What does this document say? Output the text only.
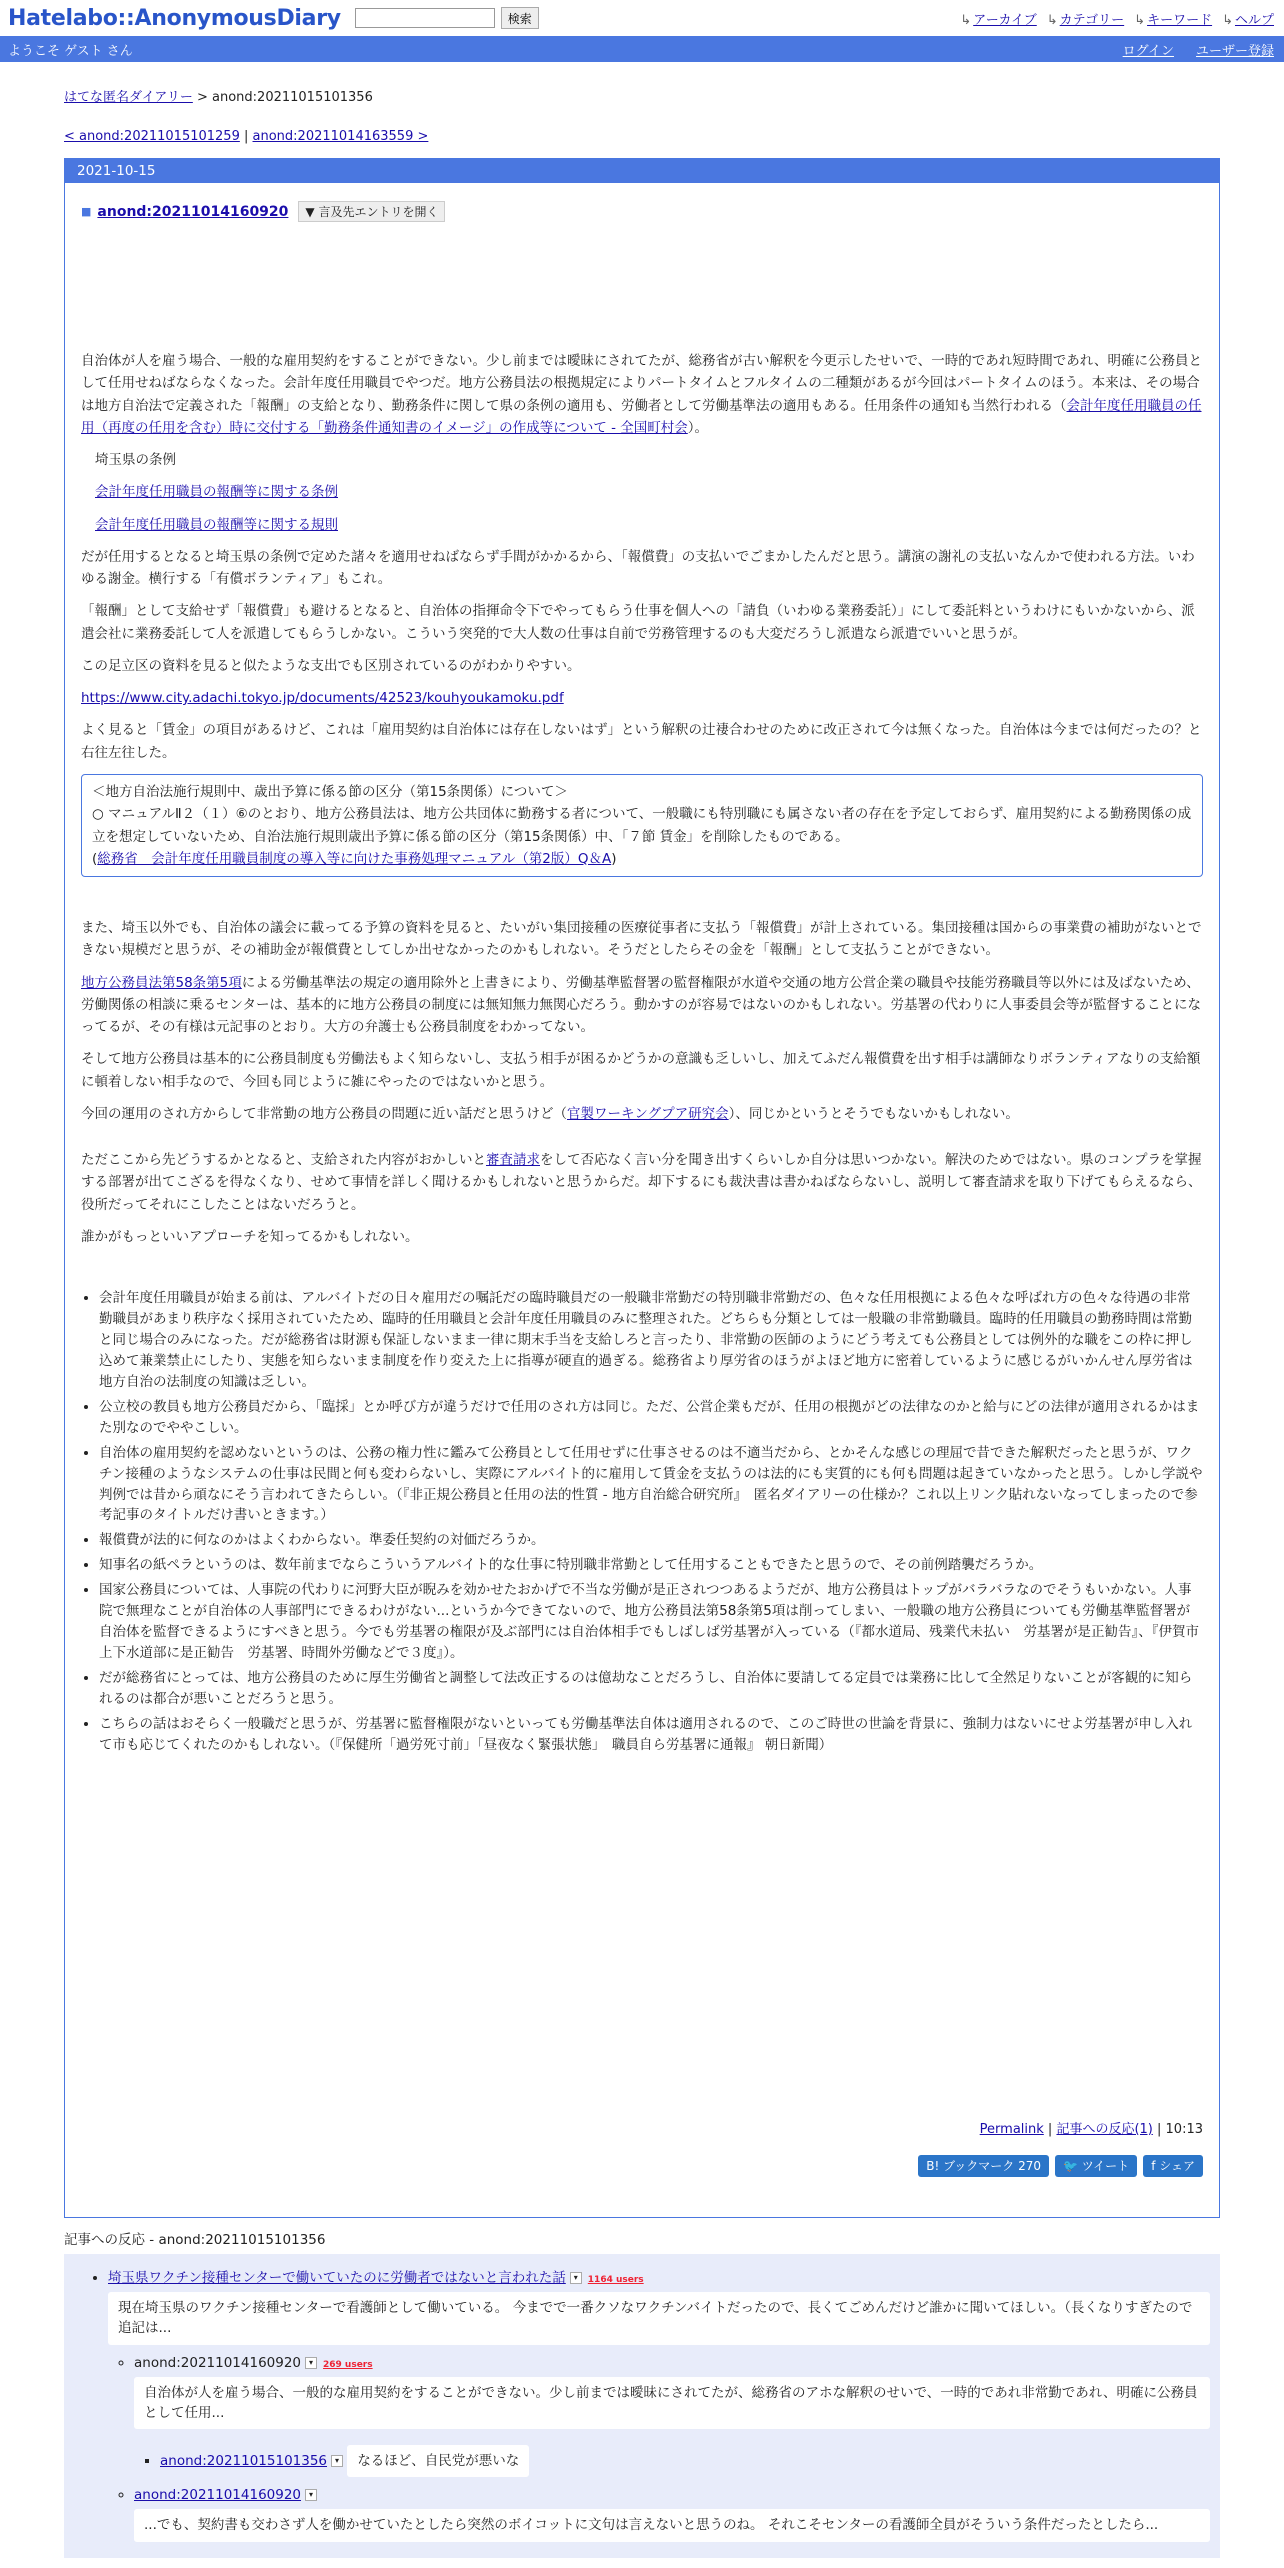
Hatelabo::AnonymousDiary	検索	↳ アーカイブ ↳ カテゴリー ↳ キーワード ↳ ヘルプ
ようこそ ゲスト さん	ログイン ユーザー登録
はてな匿名ダイアリー > anond:20211015101356
< anond:20211015101259 | anond:20211014163559 >
2021-10-15
■ anond:20211014160920	▼ 言及先エントリを開く

自治体が人を雇う場合、一般的な雇用契約をすることができない。少し前までは曖昧にされてたが、総務省が古い解釈を今更示したせいで、一時的であれ短時間であれ、明確に公務員として任用せねばならなくなった。会計年度任用職員でやつだ。地方公務員法の根拠規定によりパートタイムとフルタイムの二種類があるが今回はパートタイムのほう。本来は、その場合は地方自治法で定義された「報酬」の支給となり、勤務条件に関して県の条例の適用も、労働者として労働基準法の適用もある。任用条件の通知も当然行われる（会計年度任用職員の任用（再度の任用を含む）時に交付する「勤務条件通知書のイメージ」の作成等について - 全国町村会）。

埼玉県の条例

会計年度任用職員の報酬等に関する条例

会計年度任用職員の報酬等に関する規則

だが任用するとなると埼玉県の条例で定めた諸々を適用せねばならず手間がかかるから、「報償費」の支払いでごまかしたんだと思う。講演の謝礼の支払いなんかで使われる方法。いわゆる謝金。横行する「有償ボランティア」もこれ。

「報酬」として支給せず「報償費」も避けるとなると、自治体の指揮命令下でやってもらう仕事を個人への「請負（いわゆる業務委託）」にして委託料というわけにもいかないから、派遣会社に業務委託して人を派遣してもらうしかない。こういう突発的で大人数の仕事は自前で労務管理するのも大変だろうし派遣なら派遣でいいと思うが。

この足立区の資料を見ると似たような支出でも区別されているのがわかりやすい。

https://www.city.adachi.tokyo.jp/documents/42523/kouhyoukamoku.pdf

よく見ると「賃金」の項目があるけど、これは「雇用契約は自治体には存在しないはず」という解釈の辻褄合わせのために改正されて今は無くなった。自治体は今までは何だったの？と右往左往した。

＜地方自治法施行規則中、歳出予算に係る節の区分（第15条関係）について＞
○ マニュアルⅡ２（１）⑥のとおり、地方公務員法は、地方公共団体に勤務する者について、一般職にも特別職にも属さない者の存在を予定しておらず、雇用契約による勤務関係の成立を想定していないため、自治法施行規則歳出予算に係る節の区分（第15条関係）中、「７節 賃金」を削除したものである。
(総務省　会計年度任用職員制度の導入等に向けた事務処理マニュアル（第2版）Q＆A)

また、埼玉以外でも、自治体の議会に載ってる予算の資料を見ると、たいがい集団接種の医療従事者に支払う「報償費」が計上されている。集団接種は国からの事業費の補助がないとできない規模だと思うが、その補助金が報償費としてしか出せなかったのかもしれない。そうだとしたらその金を「報酬」として支払うことができない。

地方公務員法第58条第5項による労働基準法の規定の適用除外と上書きにより、労働基準監督署の監督権限が水道や交通の地方公営企業の職員や技能労務職員等以外には及ばないため、労働関係の相談に乗るセンターは、基本的に地方公務員の制度には無知無力無関心だろう。動かすのが容易ではないのかもしれない。労基署の代わりに人事委員会等が監督することになってるが、その有様は元記事のとおり。大方の弁護士も公務員制度をわかってない。

そして地方公務員は基本的に公務員制度も労働法もよく知らないし、支払う相手が困るかどうかの意識も乏しいし、加えてふだん報償費を出す相手は講師なりボランティアなりの支給額に頓着しない相手なので、今回も同じように雑にやったのではないかと思う。

今回の運用のされ方からして非常勤の地方公務員の問題に近い話だと思うけど（官製ワーキングプア研究会）、同じかというとそうでもないかもしれない。

ただここから先どうするかとなると、支給された内容がおかしいと審査請求をして否応なく言い分を聞き出すくらいしか自分は思いつかない。解決のためではない。県のコンプラを掌握する部署が出てこざるを得なくなり、せめて事情を詳しく聞けるかもしれないと思うからだ。却下するにも裁決書は書かねばならないし、説明して審査請求を取り下げてもらえるなら、役所だってそれにこしたことはないだろうと。

誰かがもっといいアプローチを知ってるかもしれない。

• 会計年度任用職員が始まる前は、アルバイトだの日々雇用だの嘱託だの臨時職員だの一般職非常勤だの特別職非常勤だの、色々な任用根拠による色々な呼ばれ方の色々な待遇の非常勤職員があまり秩序なく採用されていたため、臨時的任用職員と会計年度任用職員のみに整理された。どちらも分類としては一般職の非常勤職員。臨時的任用職員の勤務時間は常勤と同じ場合のみになった。だが総務省は財源も保証しないまま一律に期末手当を支給しろと言ったり、非常勤の医師のようにどう考えても公務員としては例外的な職をこの枠に押し込めて兼業禁止にしたり、実態を知らないまま制度を作り変えた上に指導が硬直的過ぎる。総務省より厚労省のほうがよほど地方に密着しているように感じるがいかんせん厚労省は地方自治の法制度の知識は乏しい。
• 公立校の教員も地方公務員だから、「臨採」とか呼び方が違うだけで任用のされ方は同じ。ただ、公営企業もだが、任用の根拠がどの法律なのかと給与にどの法律が適用されるかはまた別なのでややこしい。
• 自治体の雇用契約を認めないというのは、公務の権力性に鑑みて公務員として任用せずに仕事させるのは不適当だから、とかそんな感じの理屈で昔できた解釈だったと思うが、ワクチン接種のようなシステムの仕事は民間と何も変わらないし、実際にアルバイト的に雇用して賃金を支払うのは法的にも実質的にも何も問題は起きていなかったと思う。しかし学説や判例では昔から頑なにそう言われてきたらしい。（『非正規公務員と任用の法的性質 - 地方自治総合研究所』　匿名ダイアリーの仕様か？これ以上リンク貼れないなってしまったので参考記事のタイトルだけ書いときます。）
• 報償費が法的に何なのかはよくわからない。準委任契約の対価だろうか。
• 知事名の紙ペラというのは、数年前までならこういうアルバイト的な仕事に特別職非常勤として任用することもできたと思うので、その前例踏襲だろうか。
• 国家公務員については、人事院の代わりに河野大臣が睨みを効かせたおかげで不当な労働が是正されつつあるようだが、地方公務員はトップがバラバラなのでそうもいかない。人事院で無理なことが自治体の人事部門にできるわけがない...というか今できてないので、地方公務員法第58条第5項は削ってしまい、一般職の地方公務員についても労働基準監督署が自治体を監督できるようにすべきと思う。今でも労基署の権限が及ぶ部門には自治体相手でもしばしば労基署が入っている（『都水道局、残業代未払い　労基署が是正勧告』、『伊賀市上下水道部に是正勧告　労基署、時間外労働などで３度』）。
• だが総務省にとっては、地方公務員のために厚生労働省と調整して法改正するのは億劫なことだろうし、自治体に要請してる定員では業務に比して全然足りないことが客観的に知られるのは都合が悪いことだろうと思う。
• こちらの話はおそらく一般職だと思うが、労基署に監督権限がないといっても労働基準法自体は適用されるので、このご時世の世論を背景に、強制力はないにせよ労基署が申し入れて市も応じてくれたのかもしれない。（『保健所「過労死寸前」「昼夜なく緊張状態」　職員自ら労基署に通報』 朝日新聞）
Permalink | 記事への反応(1) | 10:13
B! ブックマーク 270	🐦 ツイート	f シェア
記事への反応 - anond:20211015101356
• 埼玉県ワクチン接種センターで働いていたのに労働者ではないと言われた話 ▾ 1164 users
現在埼玉県のワクチン接種センターで看護師として働いている。 今までで一番クソなワクチンバイトだったので、長くてごめんだけど誰かに聞いてほしい。（長くなりすぎたので追記は...
◦ anond:20211014160920 ▾ 269 users
自治体が人を雇う場合、一般的な雇用契約をすることができない。少し前までは曖昧にされてたが、総務省のアホな解釈のせいで、一時的であれ非常勤であれ、明確に公務員として任用...
▪ anond:20211015101356 ▾ なるほど、自民党が悪いな
◦ anond:20211014160920 ▾
...でも、契約書も交わさず人を働かせていたとしたら突然のボイコットに文句は言えないと思うのね。 それこそセンターの看護師全員がそういう条件だったとしたら...
